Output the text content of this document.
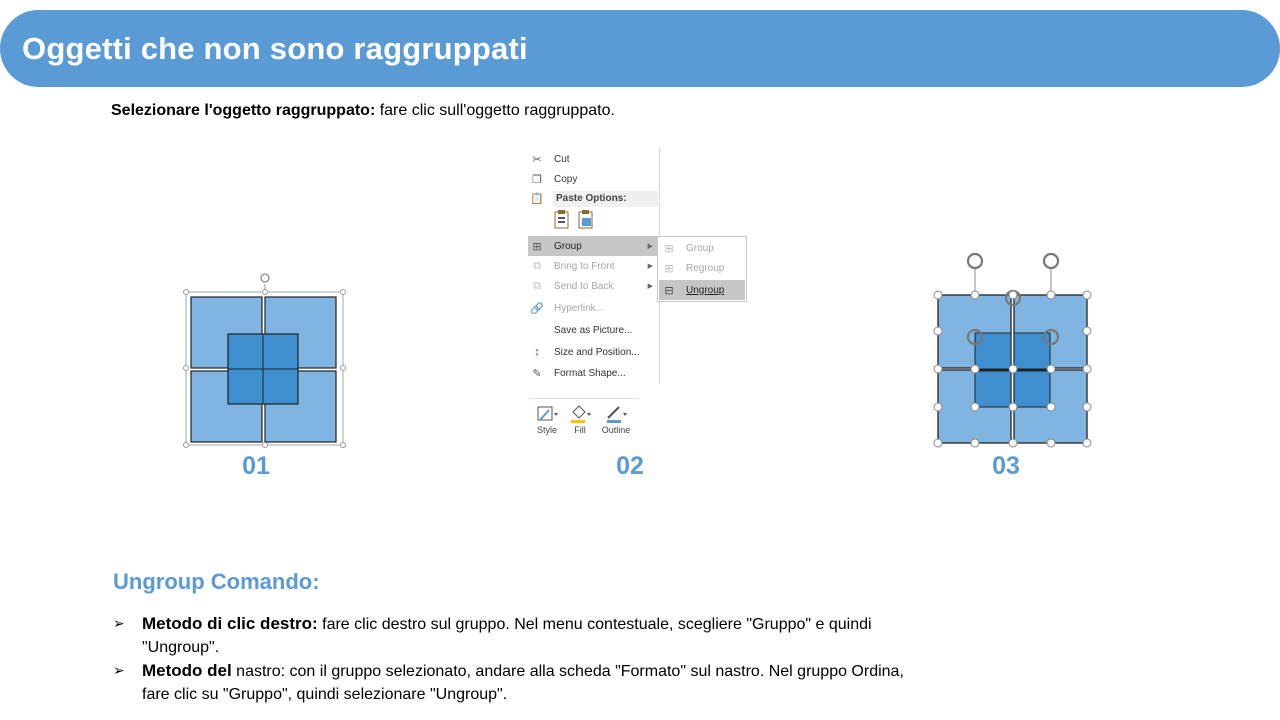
Oggetti che non sono raggruppati
Selezionare l'oggetto raggruppato: fare clic sull'oggetto raggruppato.
01
✂ Cut
❐ Copy
📋	Paste Options:
⊞ Group	▶
⧉	Bring to Front	▶
⧉	Send to Back	▶
🔗 Hyperlink...
Save as Picture...
↕	Size and Position...
✎ Format Shape...
⊞ Group
⊞ Regroup
⊟ Ungroup
Style	Fill	Outline
02	03
Ungroup Comando:
➢ Metodo di clic destro: fare clic destro sul gruppo. Nel menu contestuale, scegliere "Gruppo" e quindi
"Ungroup".
➢ Metodo del nastro: con il gruppo selezionato, andare alla scheda "Formato" sul nastro. Nel gruppo Ordina,
fare clic su "Gruppo", quindi selezionare "Ungroup".
